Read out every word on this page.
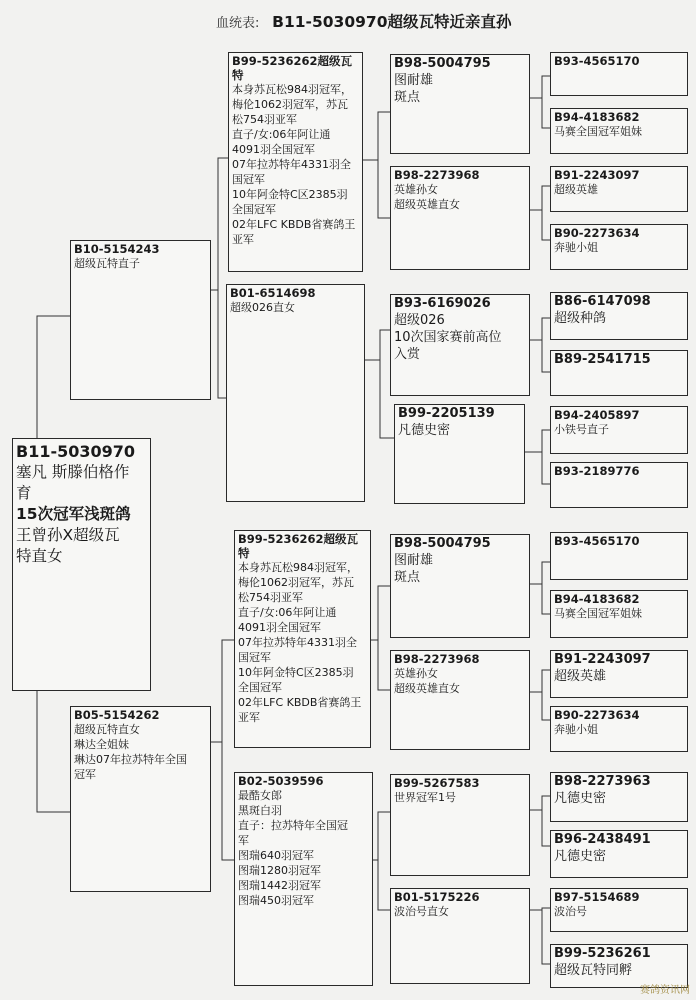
血统表: B11-5030970超级瓦特近亲直孙
B11-5030970
塞凡 斯滕伯格作
育
15次冠军浅斑鸽
王曾孙X超级瓦
特直女
B10-5154243
超级瓦特直子
B05-5154262
超级瓦特直女
琳达全姐妹
琳达07年拉苏特年全国
冠军
B99-5236262超级瓦特
本身苏瓦松984羽冠军，
梅伦1062羽冠军，苏瓦
松754羽亚军
直子/女:06年阿让通
4091羽全国冠军
07年拉苏特年4331羽全
国冠军
10年阿金特C区2385羽
全国冠军
02年LFC KBDB省赛鸽王
亚军
B01-6514698
超级026直女
B99-5236262超级瓦特
本身苏瓦松984羽冠军，
梅伦1062羽冠军，苏瓦
松754羽亚军
直子/女:06年阿让通
4091羽全国冠军
07年拉苏特年4331羽全
国冠军
10年阿金特C区2385羽
全国冠军
02年LFC KBDB省赛鸽王
亚军
B02-5039596
最酷女郎
黑斑白羽
直子：拉苏特年全国冠
军
图瑞640羽冠军
图瑞1280羽冠军
图瑞1442羽冠军
图瑞450羽冠军
B98-5004795
图耐雄
斑点
B98-2273968
英雄孙女
超级英雄直女
B93-6169026
超级026
10次国家赛前高位
入赏
B99-2205139
凡德史密
B98-5004795
图耐雄
斑点
B98-2273968
英雄孙女
超级英雄直女
B99-5267583
世界冠军1号
B01-5175226
波治号直女
B93-4565170
B94-4183682
马赛全国冠军姐妹
B91-2243097
超级英雄
B90-2273634
奔驰小姐
B86-6147098
超级种鸽
B89-2541715
B94-2405897
小铁号直子
B93-2189776
B93-4565170
B94-4183682
马赛全国冠军姐妹
B91-2243097
超级英雄
B90-2273634
奔驰小姐
B98-2273963
凡德史密
B96-2438491
凡德史密
B97-5154689
波治号
B99-5236261
超级瓦特同孵
赛鸽资讯网
